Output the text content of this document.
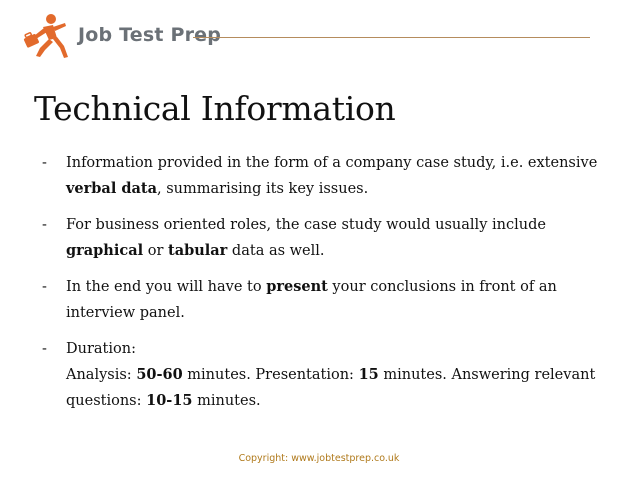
Job Test Prep
Technical Information
- Information provided in the form of a company case study, i.e. extensive
verbal data, summarising its key issues.
- For business oriented roles, the case study would usually include
graphical or tabular data as well.
- In the end you will have to present your conclusions in front of an
interview panel.
- Duration:
Analysis: 50-60 minutes. Presentation: 15 minutes. Answering relevant
questions: 10-15 minutes.
Copyright: www.jobtestprep.co.uk
